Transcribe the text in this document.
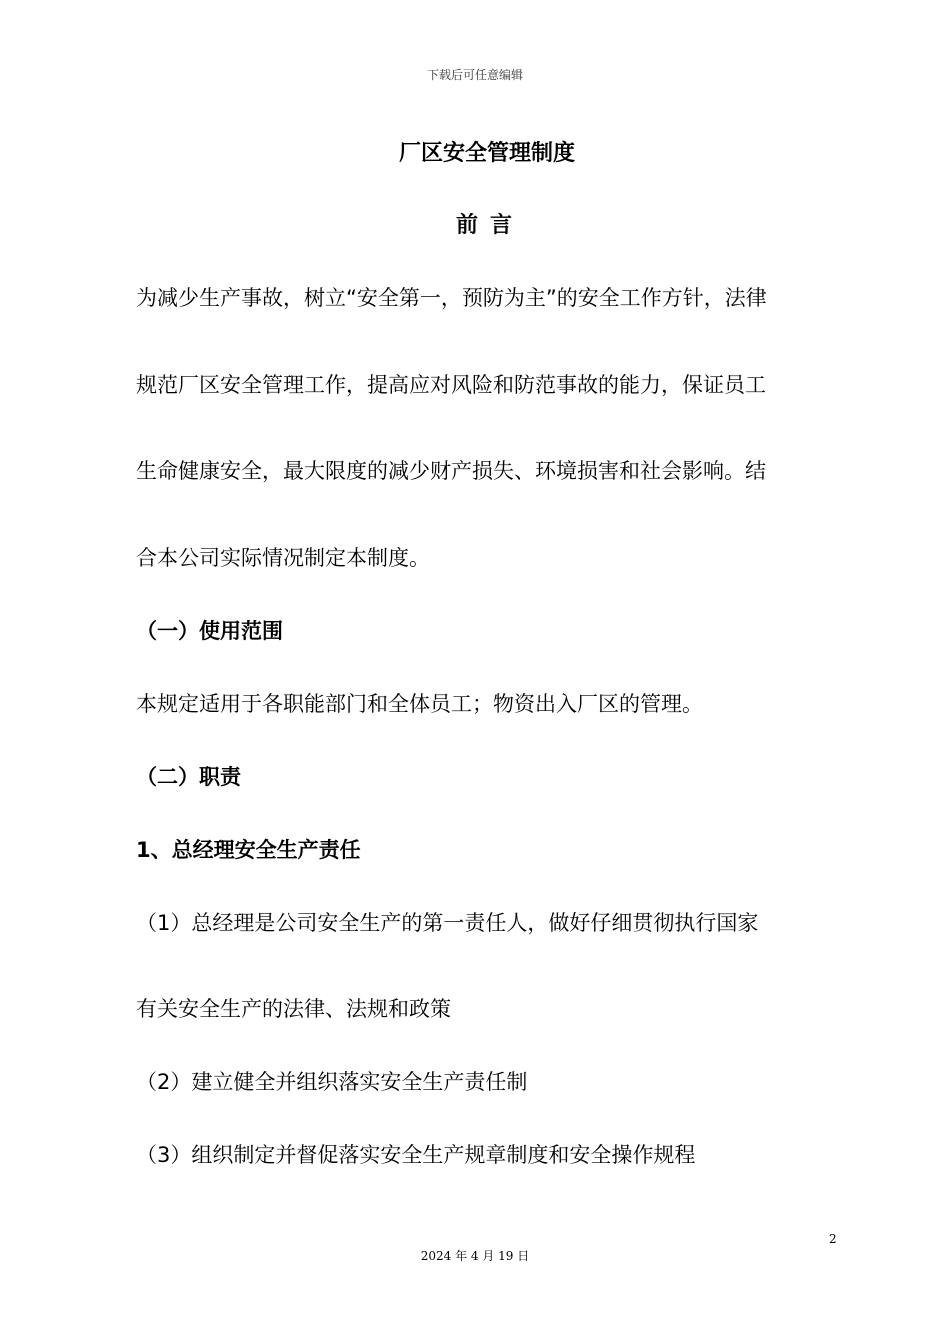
下载后可任意编辑
厂区安全管理制度
前言
为减少生产事故，树立“安全第一，预防为主”的安全工作方针，法律
规范厂区安全管理工作，提高应对风险和防范事故的能力，保证员工
生命健康安全，最大限度的减少财产损失、环境损害和社会影响。结
合本公司实际情况制定本制度。
（一）使用范围
本规定适用于各职能部门和全体员工；物资出入厂区的管理。
（二）职责
1、总经理安全生产责任
（1）总经理是公司安全生产的第一责任人，做好仔细贯彻执行国家
有关安全生产的法律、法规和政策
（2）建立健全并组织落实安全生产责任制
（3）组织制定并督促落实安全生产规章制度和安全操作规程
2
2024 年 4 月 19 日
